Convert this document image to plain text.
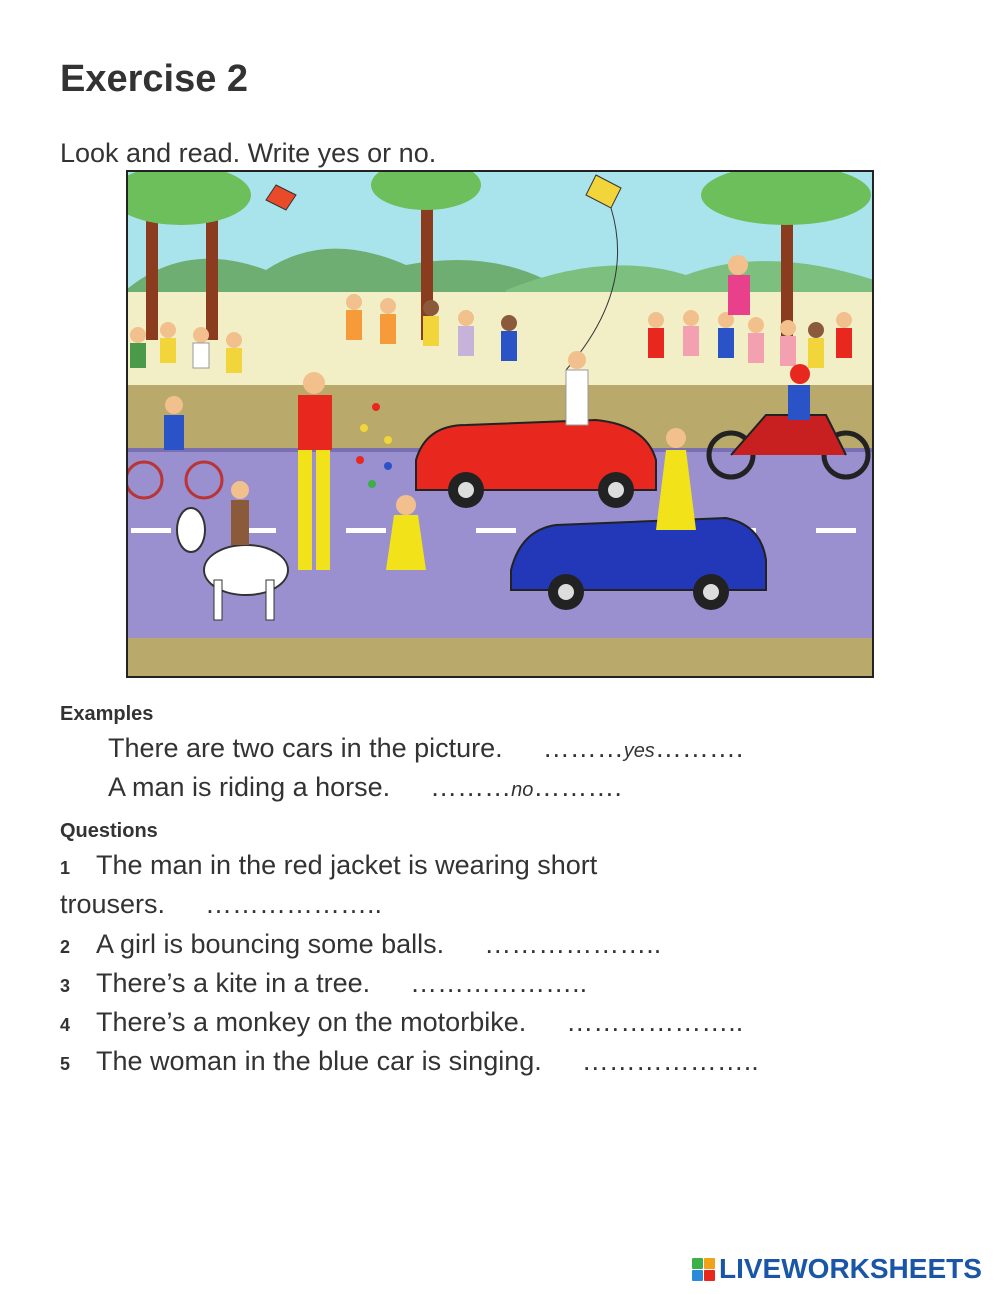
Exercise 2
Look and read. Write yes or no.
Examples
There are two cars in the picture. ………yes……….
A man is riding a horse. ………no……….
Questions
1 The man in the red jacket is wearing short
trousers. ………………..
2 A girl is bouncing some balls. ………………..
3 There’s a kite in a tree. ………………..
4 There’s a monkey on the motorbike. ………………..
5 The woman in the blue car is singing. ………………..
LIVEWORKSHEETS
